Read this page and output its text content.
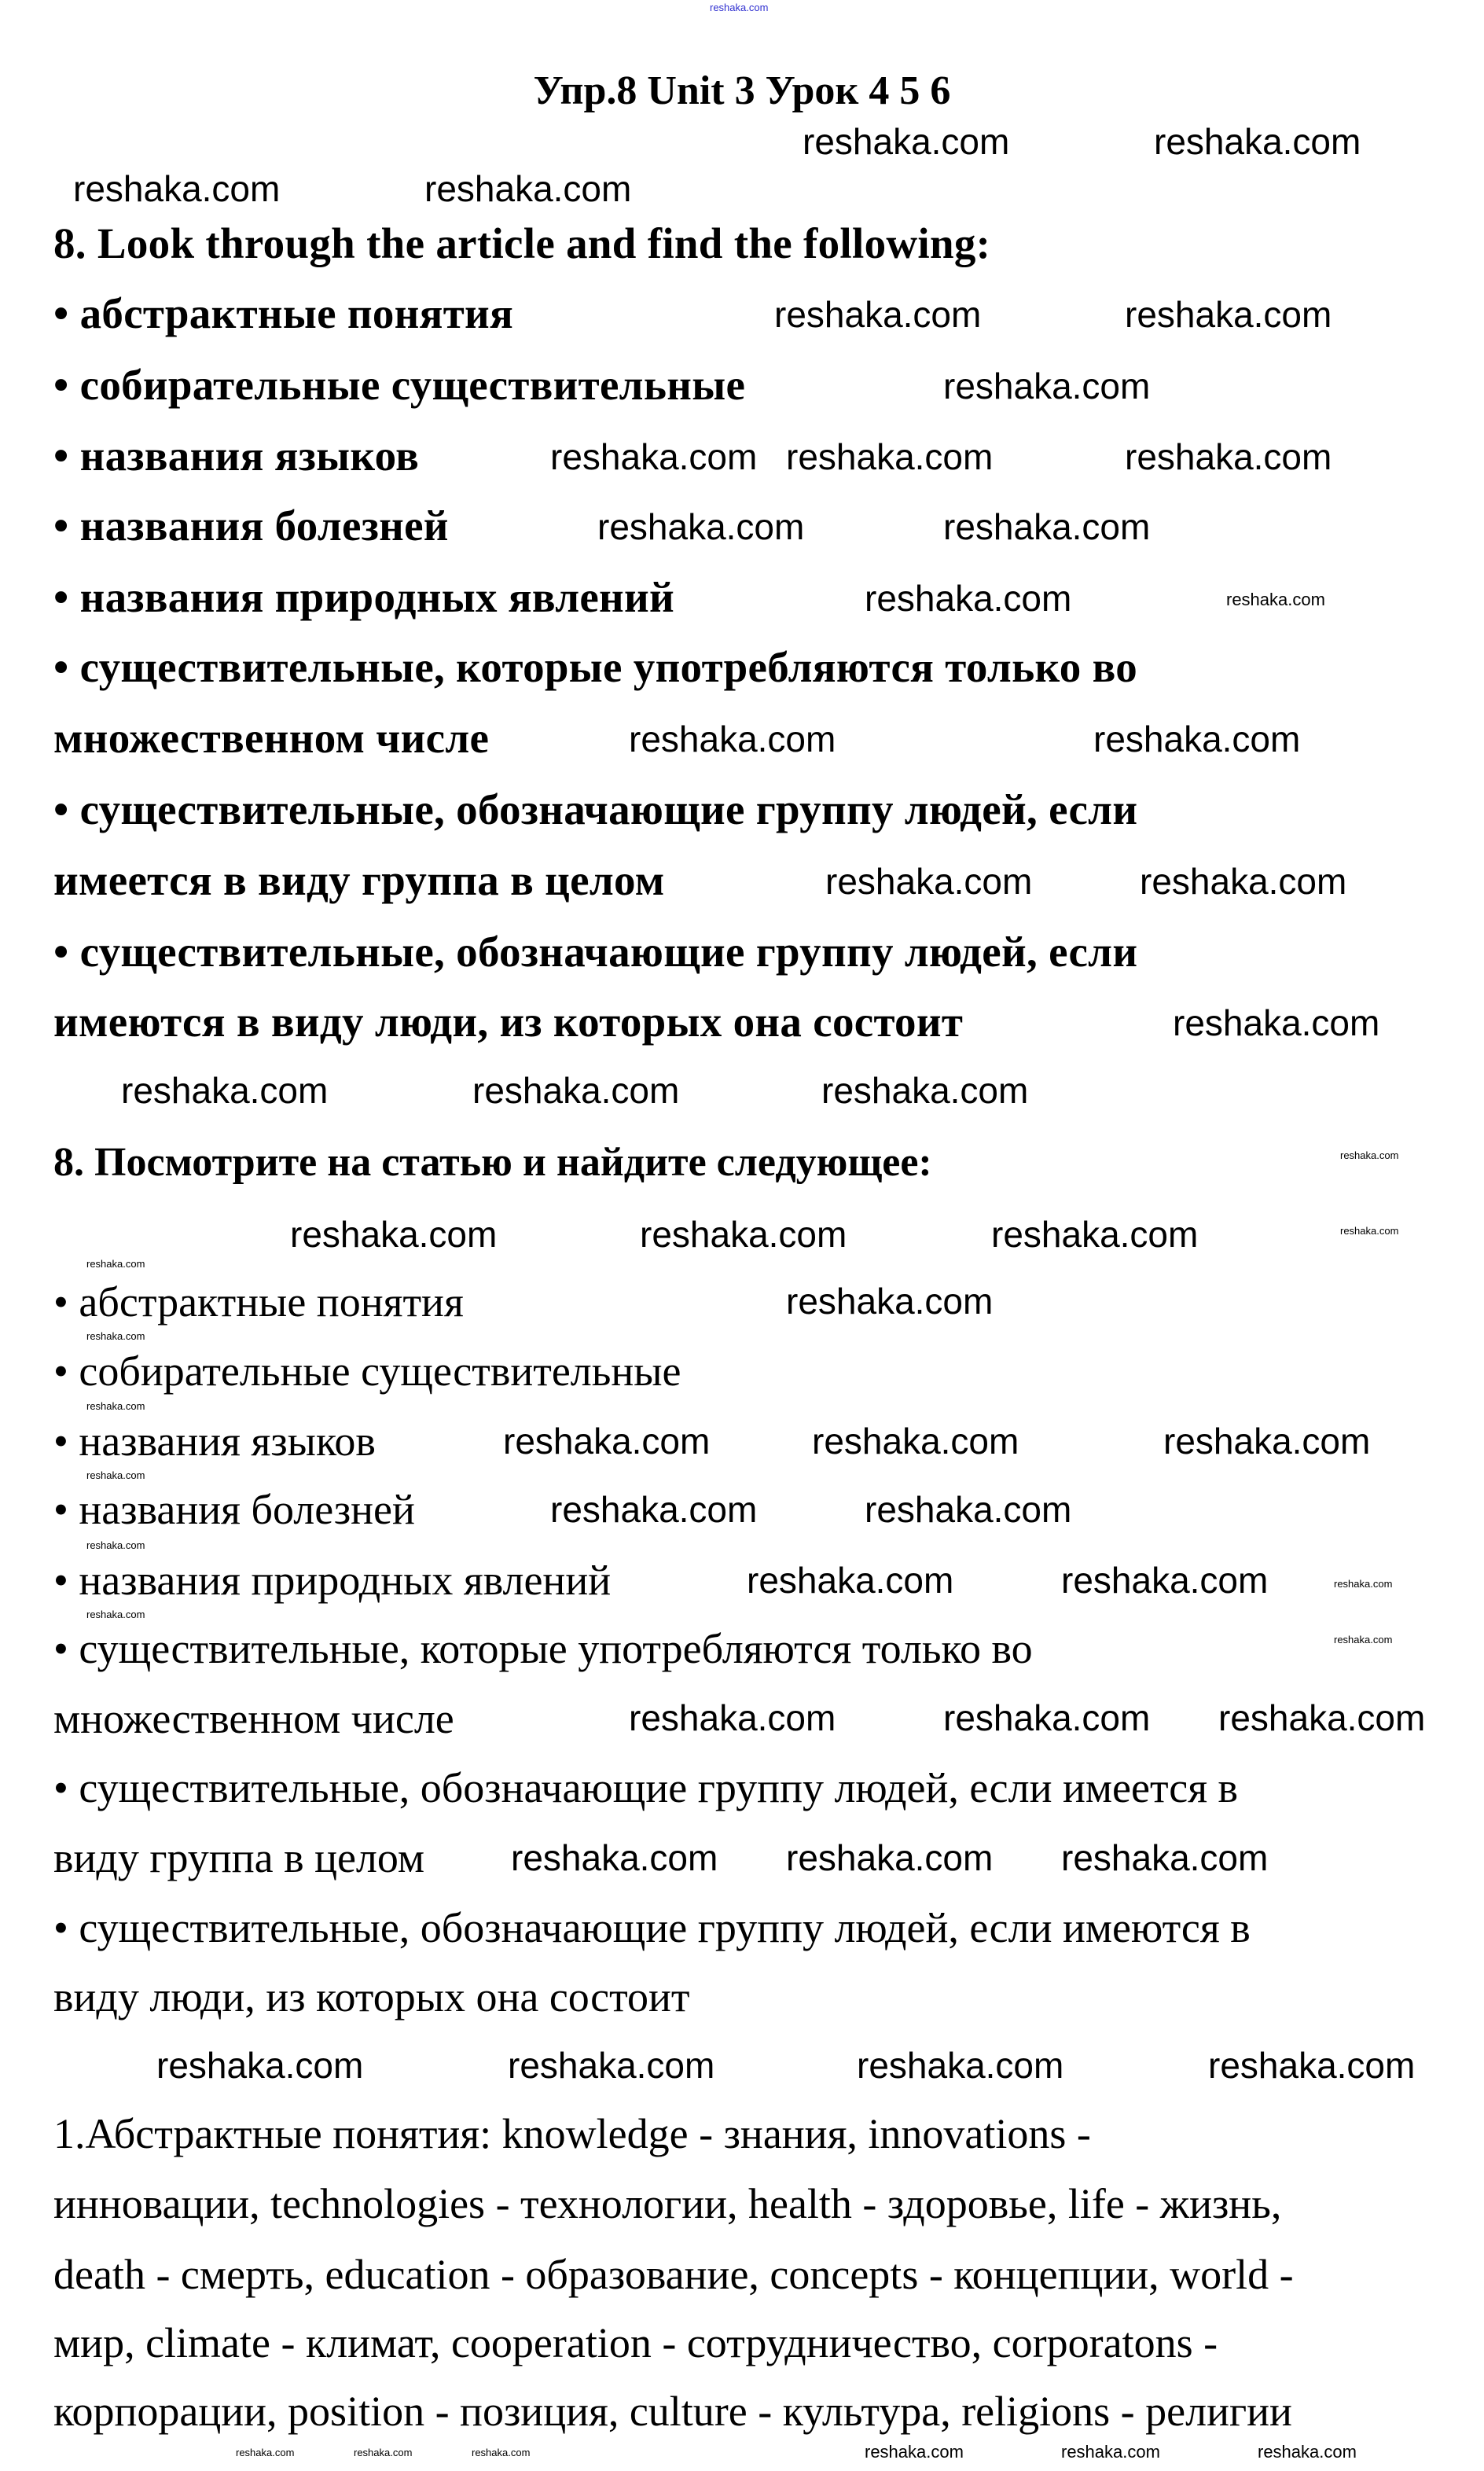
reshaka.com
Упр.8 Unit 3 Урок 4 5 6
8. Look through the article and find the following:
• абстрактные понятия
• собирательные существительные
• названия языков
• названия болезней
• названия природных явлений
• существительные, которые употребляются только во
множественном числе
• существительные, обозначающие группу людей, если
имеется в виду группа в целом
• существительные, обозначающие группу людей, если
имеются в виду люди, из которых она состоит
8. Посмотрите на статью и найдите следующее:
• абстрактные понятия
• собирательные существительные
• названия языков
• названия болезней
• названия природных явлений
• существительные, которые употребляются только во
множественном числе
• существительные, обозначающие группу людей, если имеется в
виду группа в целом
• существительные, обозначающие группу людей, если имеются в
виду люди, из которых она состоит
1.Абстрактные понятия: knowledge - знания, innovations -
инновации, technologies - технологии, health - здоровье, life - жизнь,
death - смерть, education - образование, concepts - концепции, world -
мир, climate - климат, cooperation - сотрудничество, corporatons -
корпорации, position - позиция, culture - культура, religions - религии
reshaka.com	reshaka.com
reshaka.com	reshaka.com
reshaka.com	reshaka.com
reshaka.com
reshaka.com reshaka.com	reshaka.com
reshaka.com	reshaka.com
reshaka.com
reshaka.com	reshaka.com
reshaka.com	reshaka.com
reshaka.com
reshaka.com	reshaka.com	reshaka.com
reshaka.com	reshaka.com	reshaka.com
reshaka.com
reshaka.com	reshaka.com	reshaka.com
reshaka.com	reshaka.com
reshaka.com	reshaka.com
reshaka.com	reshaka.com reshaka.com
reshaka.com reshaka.com reshaka.com
reshaka.com	reshaka.com	reshaka.com	reshaka.com
reshaka.com
reshaka.com	reshaka.com	reshaka.com
reshaka.com
reshaka.com
reshaka.com
reshaka.com
reshaka.com
reshaka.com
reshaka.com
reshaka.com
reshaka.com
reshaka.com
reshaka.com	reshaka.com	reshaka.com
